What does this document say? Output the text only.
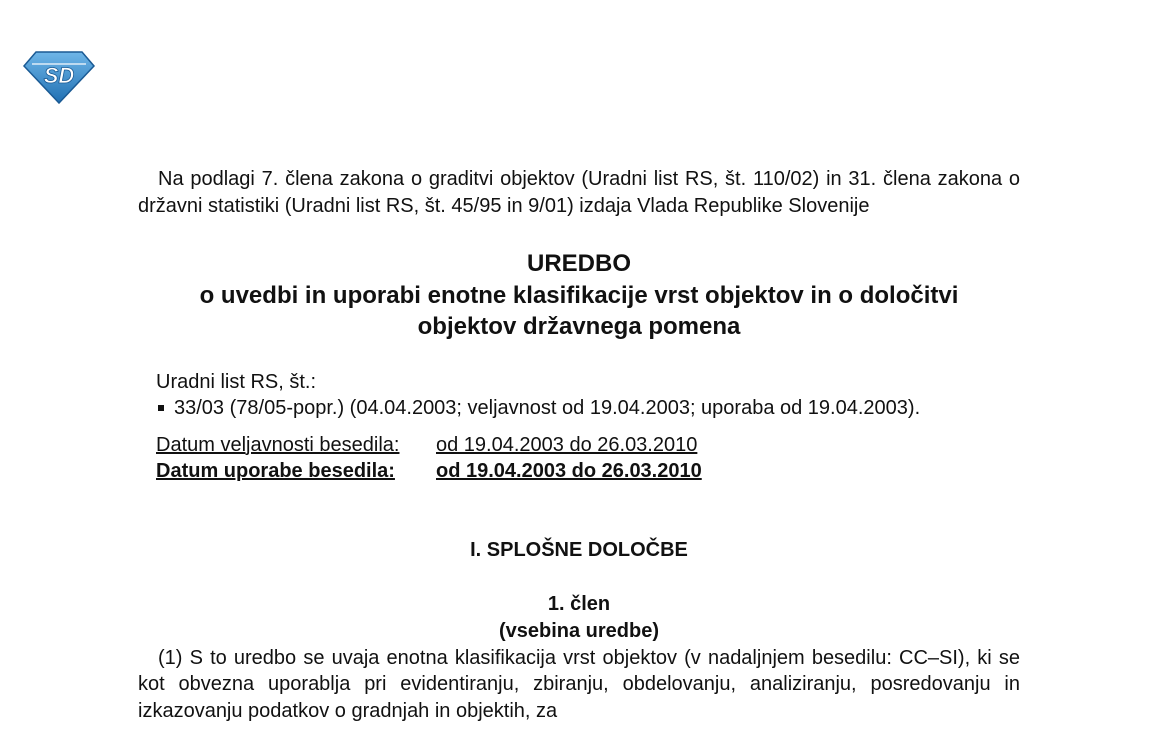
SD

Na podlagi 7. člena zakona o graditvi objektov (Uradni list RS, št. 110/02) in 31. člena zakona o državni statistiki (Uradni list RS, št. 45/95 in 9/01) izdaja Vlada Republike Slovenije

UREDBO
o uvedbi in uporabi enotne klasifikacije vrst objektov in o določitvi
objektov državnega pomena
Uradni list RS, št.:
33/03 (78/05-popr.) (04.04.2003; veljavnost od 19.04.2003; uporaba od 19.04.2003).
Datum veljavnosti besedila:	od 19.04.2003 do 26.03.2010
Datum uporabe besedila:	od 19.04.2003 do 26.03.2010
I. SPLOŠNE DOLOČBE
1. člen
(vsebina uredbe)

(1) S to uredbo se uvaja enotna klasifikacija vrst objektov (v nadaljnjem besedilu: CC–SI), ki se kot obvezna uporablja pri evidentiranju, zbiranju, obdelovanju, analiziranju, posredovanju in izkazovanju podatkov o gradnjah in objektih, za
